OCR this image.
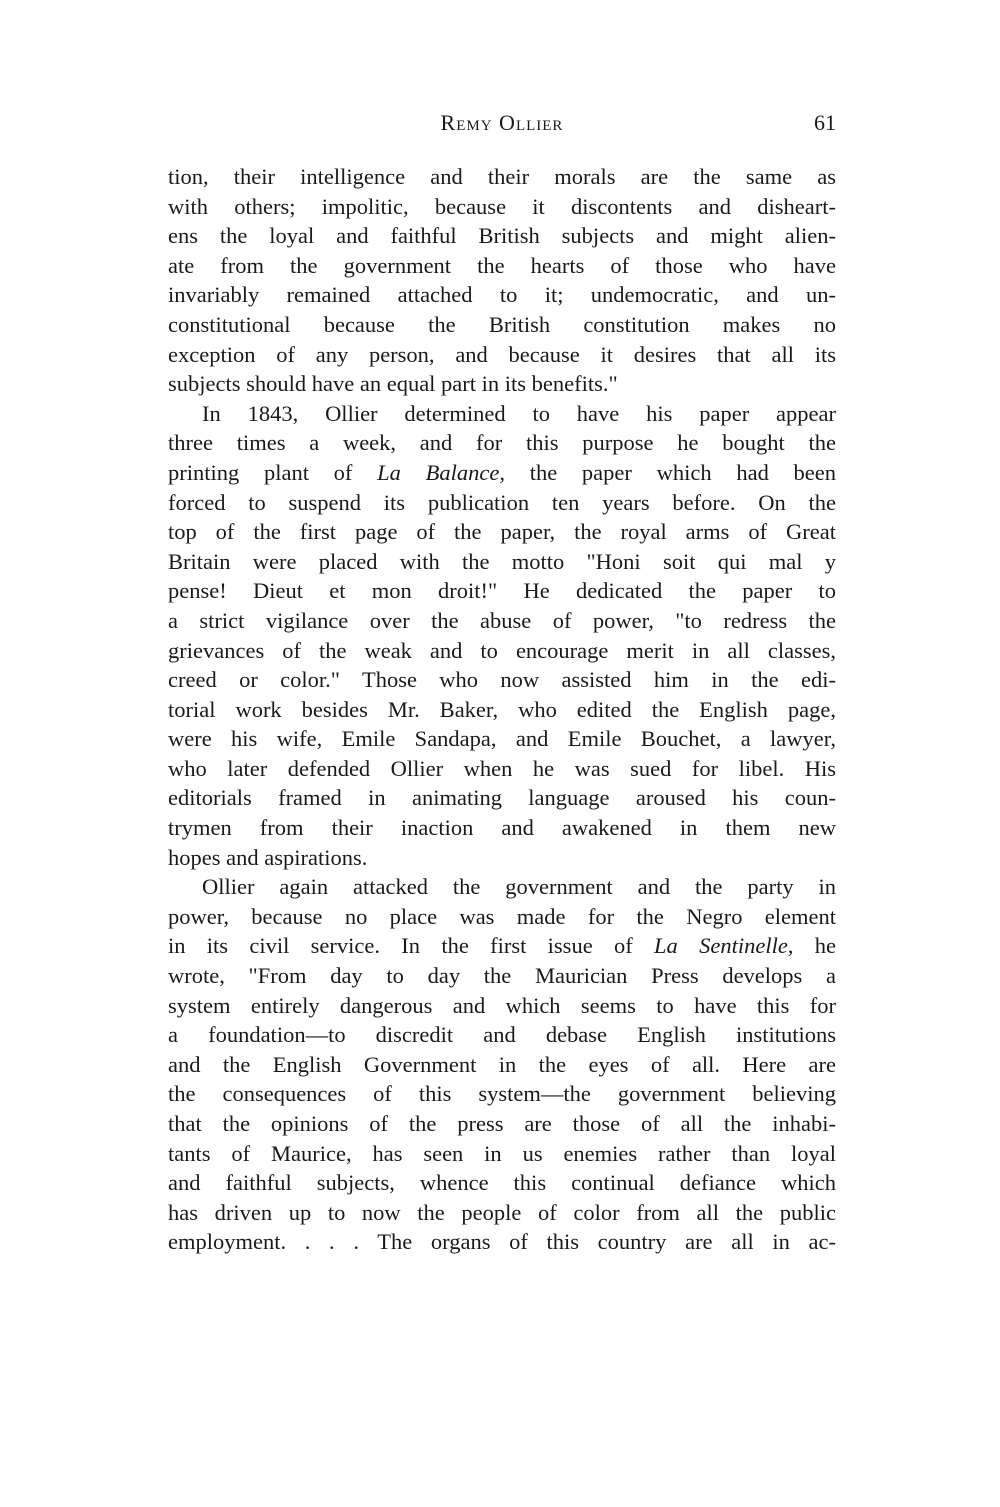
Remy Ollier	61
tion, their intelligence and their morals are the same as
with others; impolitic, because it discontents and disheart-
ens the loyal and faithful British subjects and might alien-
ate from the government the hearts of those who have
invariably remained attached to it; undemocratic, and un-
constitutional because the British constitution makes no
exception of any person, and because it desires that all its
subjects should have an equal part in its benefits."
In 1843, Ollier determined to have his paper appear
three times a week, and for this purpose he bought the
printing plant of La Balance, the paper which had been
forced to suspend its publication ten years before. On the
top of the first page of the paper, the royal arms of Great
Britain were placed with the motto "Honi soit qui mal y
pense! Dieut et mon droit!" He dedicated the paper to
a strict vigilance over the abuse of power, "to redress the
grievances of the weak and to encourage merit in all classes,
creed or color." Those who now assisted him in the edi-
torial work besides Mr. Baker, who edited the English page,
were his wife, Emile Sandapa, and Emile Bouchet, a lawyer,
who later defended Ollier when he was sued for libel. His
editorials framed in animating language aroused his coun-
trymen from their inaction and awakened in them new
hopes and aspirations.
Ollier again attacked the government and the party in
power, because no place was made for the Negro element
in its civil service. In the first issue of La Sentinelle, he
wrote, "From day to day the Maurician Press develops a
system entirely dangerous and which seems to have this for
a foundation—to discredit and debase English institutions
and the English Government in the eyes of all. Here are
the consequences of this system—the government believing
that the opinions of the press are those of all the inhabi-
tants of Maurice, has seen in us enemies rather than loyal
and faithful subjects, whence this continual defiance which
has driven up to now the people of color from all the public
employment. . . . The organs of this country are all in ac-
